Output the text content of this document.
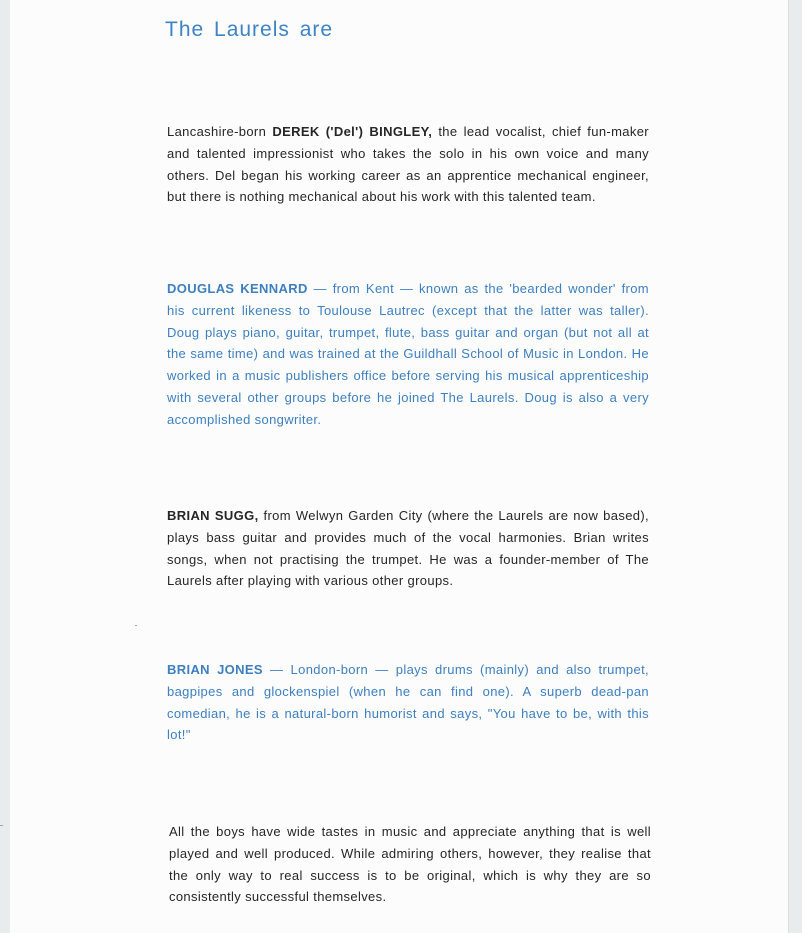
The Laurels are

Lancashire-born DEREK ('Del') BINGLEY, the lead vocalist, chief fun-maker and talented impressionist who takes the solo in his own voice and many others. Del began his working career as an apprentice mechanical engineer, but there is nothing mechanical about his work with this talented team.

DOUGLAS KENNARD — from Kent — known as the 'bearded wonder' from his current likeness to Toulouse Lautrec (except that the latter was taller). Doug plays piano, guitar, trumpet, flute, bass guitar and organ (but not all at the same time) and was trained at the Guildhall School of Music in London. He worked in a music publishers office before serving his musical apprenticeship with several other groups before he joined The Laurels. Doug is also a very accomplished songwriter.

BRIAN SUGG, from Welwyn Garden City (where the Laurels are now based), plays bass guitar and provides much of the vocal harmonies. Brian writes songs, when not practising the trumpet. He was a founder-member of The Laurels after playing with various other groups.

BRIAN JONES — London-born — plays drums (mainly) and also trumpet, bagpipes and glockenspiel (when he can find one). A superb dead-pan comedian, he is a natural-born humorist and says, "You have to be, with this lot!"

All the boys have wide tastes in music and appreciate anything that is well played and well produced. While admiring others, however, they realise that the only way to real success is to be original, which is why they are so consistently successful themselves.
